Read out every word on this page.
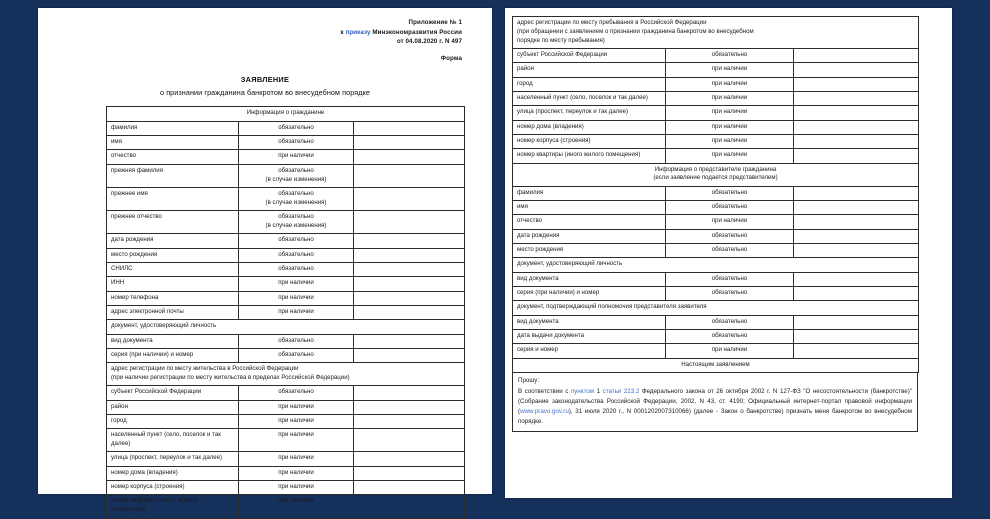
Приложение № 1
к приказу Минэкономразвития России
от 04.08.2020 г. N 497
Форма
ЗАЯВЛЕНИЕ
о признании гражданина банкротом во внесудебном порядке
Информация о гражданине		
фамилия	обязательно	
имя	обязательно	
отчество	при наличии	
прежняя фамилия	обязательно
(в случае изменения)	

прежнее имя	обязательно
(в случае изменения)	

прежнее отчество	обязательно
(в случае изменения)	

дата рождения	обязательно	
место рождения	обязательно	
СНИЛС	обязательно	
ИНН	при наличии	
номер телефона	при наличии	
адрес электронной почты	при наличии	
документ, удостоверяющий личность		
вид документа	обязательно	
серия (при наличии) и номер	обязательно	
адрес регистрации по месту жительства в Российской Федерации
(при наличии регистрации по месту жительства в пределах Российской Федерации)		

субъект Российской Федерации	обязательно	
район	при наличии	
город	при наличии	
населенный пункт (село, поселок и так далее)	при наличии	
улица (проспект, переулок и так далее)	при наличии	
номер дома (владения)	при наличии	
номер корпуса (строения)	при наличии	
номер квартиры (иного жилого помещения)	при наличии	
адрес регистрации по месту пребывания в Российской Федерации
(при обращении с заявлением о признании гражданина банкротом во внесудебном
порядке по месту пребывания)		

субъект Российской Федерации	обязательно	
район	при наличии	
город	при наличии	
населенный пункт (село, поселок и так далее)	при наличии	
улица (проспект, переулок и так далее)	при наличии	
номер дома (владения)	при наличии	
номер корпуса (строения)	при наличии	
номер квартиры (иного жилого помещения)	при наличии	
Информация о представителе гражданина
(если заявление подается представителем)		

фамилия	обязательно	
имя	обязательно	
отчество	при наличии	
дата рождения	обязательно	
место рождения	обязательно	
документ, удостоверяющий личность		
вид документа	обязательно	
серия (при наличии) и номер	обязательно	
документ, подтверждающий полномочия представителя заявителя		
вид документа	обязательно	
дата выдачи документа	обязательно	
серия и номер	при наличии	
Настоящим заявлением		
Прошу:
В соответствии с пунктом 1 статьи 223.2 Федерального закона от 26 октября 2002 г. N 127-ФЗ "О несостоятельности (банкротстве)" (Собрание законодательства Российской Федерации, 2002, N 43, ст. 4190; Официальный интернет-портал правовой информации (www.pravo.gov.ru), 31 июля 2020 г., N 0001202007310066) (далее - Закон о банкротстве) признать меня банкротом во внесудебном порядке.
